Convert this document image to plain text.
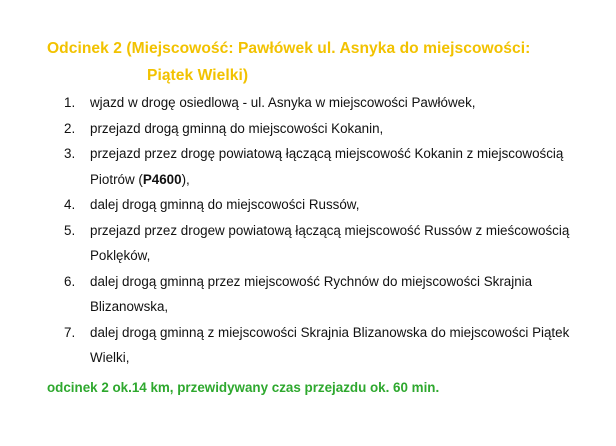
Odcinek 2 (Miejscowość: Pawłówek ul. Asnyka do miejscowości:
Piątek Wielki)
1.	wjazd w drogę osiedlową - ul. Asnyka w miejscowości Pawłówek,
2.	przejazd drogą gminną do miejscowości Kokanin,
3.	przejazd przez drogę powiatową łączącą miejscowość Kokanin z miejscowością Piotrów (P4600),
4.	dalej drogą gminną do miejscowości Russów,
5.	przejazd przez drogew powiatową łączącą miejscowość Russów z mieścowością Poklęków,
6.	dalej drogą gminną przez miejscowość Rychnów do miejscowości Skrajnia Blizanowska,
7.	dalej drogą gminną z miejscowości Skrajnia Blizanowska do miejscowości Piątek Wielki,
odcinek 2 ok.14 km, przewidywany czas przejazdu ok. 60 min.
